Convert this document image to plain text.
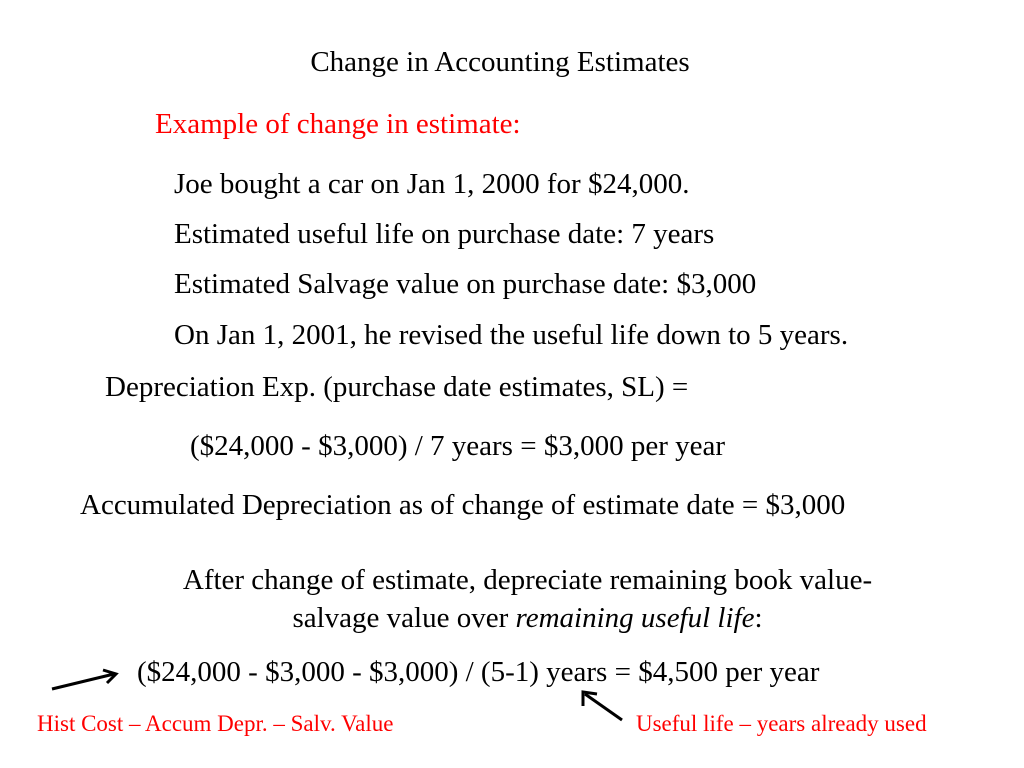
Change in Accounting Estimates
Example of change in estimate:
Joe bought a car on Jan 1, 2000 for $24,000.
Estimated useful life on purchase date: 7 years
Estimated Salvage value on purchase date: $3,000
On Jan 1, 2001, he revised the useful life down to 5 years.
Depreciation Exp. (purchase date estimates, SL) =
($24,000 - $3,000) / 7 years = $3,000 per year
Accumulated Depreciation as of change of estimate date = $3,000
After change of estimate, depreciate remaining book value-
salvage value over remaining useful life:
($24,000 - $3,000 - $3,000) / (5-1) years = $4,500 per year
Hist Cost – Accum Depr. – Salv. Value	Useful life – years already used
